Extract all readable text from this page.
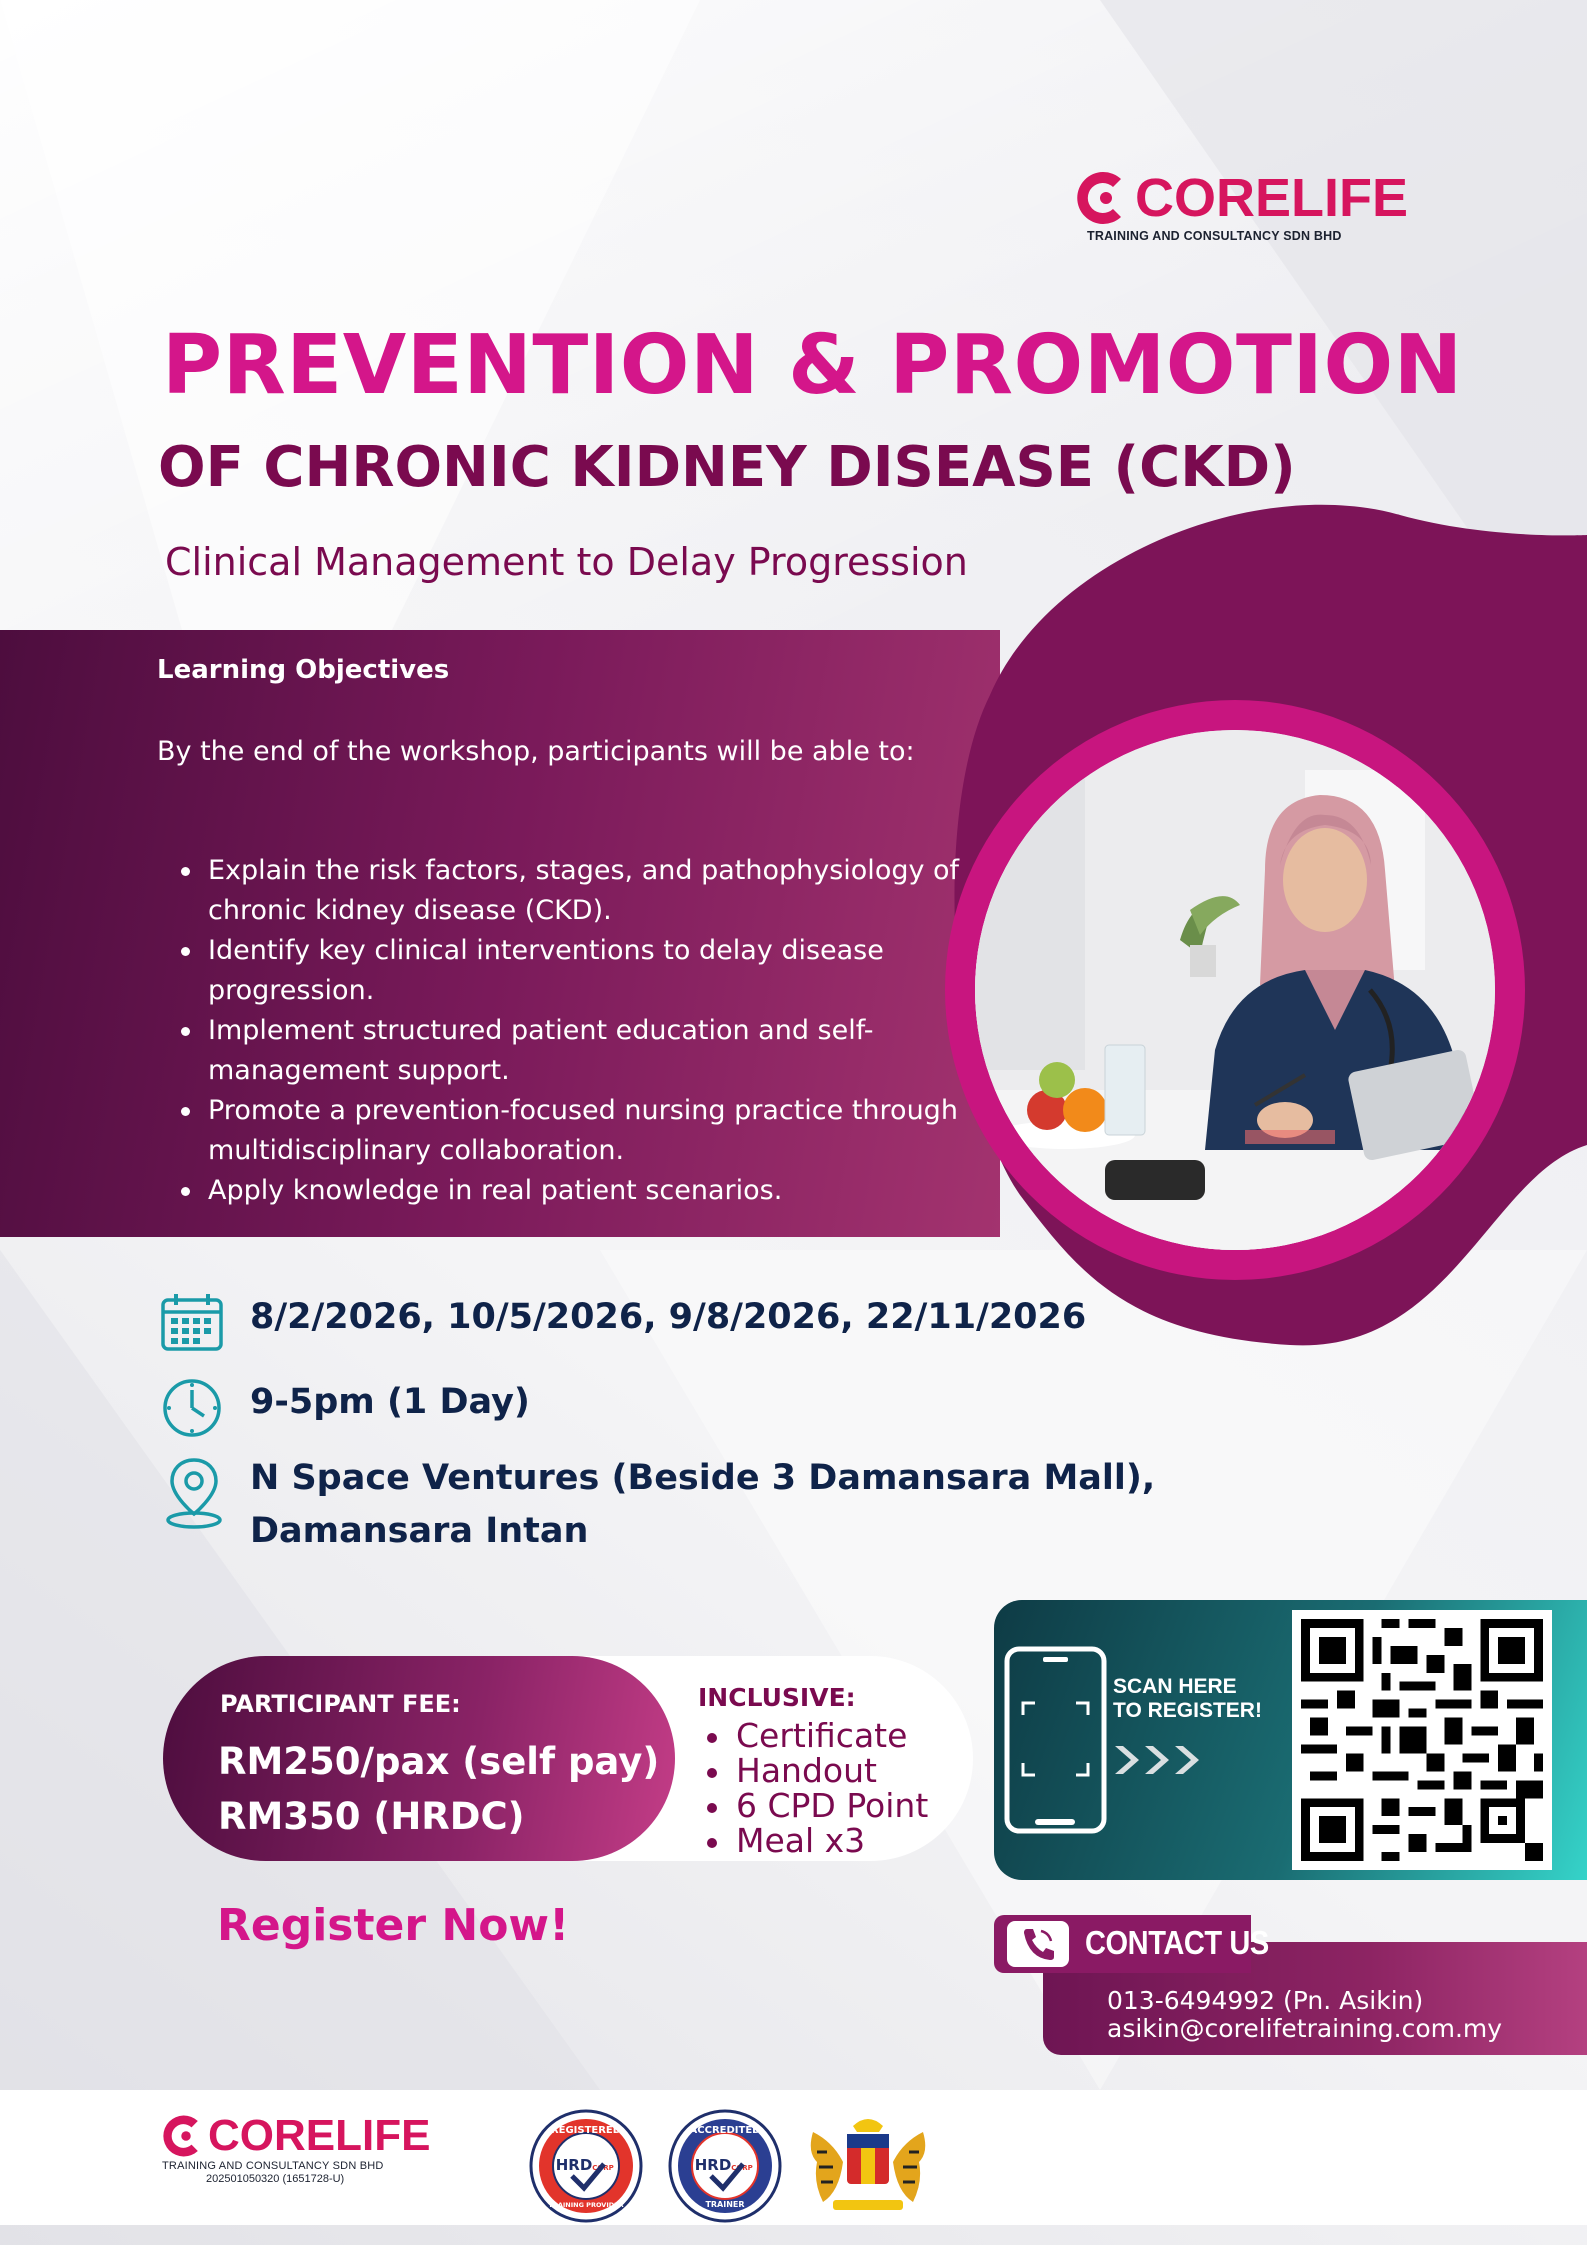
CORELIFE
TRAINING AND CONSULTANCY SDN BHD
PREVENTION & PROMOTION
OF CHRONIC KIDNEY DISEASE (CKD)
Clinical Management to Delay Progression
Learning Objectives
By the end of the workshop, participants will be able to:
Explain the risk factors, stages, and pathophysiology of chronic kidney disease (CKD).
Identify key clinical interventions to delay disease progression.
Implement structured patient education and self-management support.
Promote a prevention-focused nursing practice through multidisciplinary collaboration.
Apply knowledge in real patient scenarios.
8/2/2026, 10/5/2026, 9/8/2026, 22/11/2026
9-5pm (1 Day)
N Space Ventures (Beside 3 Damansara Mall),
Damansara Intan
PARTICIPANT FEE:
RM250/pax (self pay)
RM350 (HRDC)
INCLUSIVE:
Certificate
Handout
6 CPD Point
Meal x3
Register Now!
SCAN HERE
TO REGISTER!
CONTACT US
013-6494992 (Pn. Asikin)
asikin@corelifetraining.com.my
CORELIFE
TRAINING AND CONSULTANCY SDN BHD
202501050320 (1651728-U)
REGISTERED
TRAINING PROVIDER
HRD CORP
ACCREDITED
TRAINER
HRD CORP
